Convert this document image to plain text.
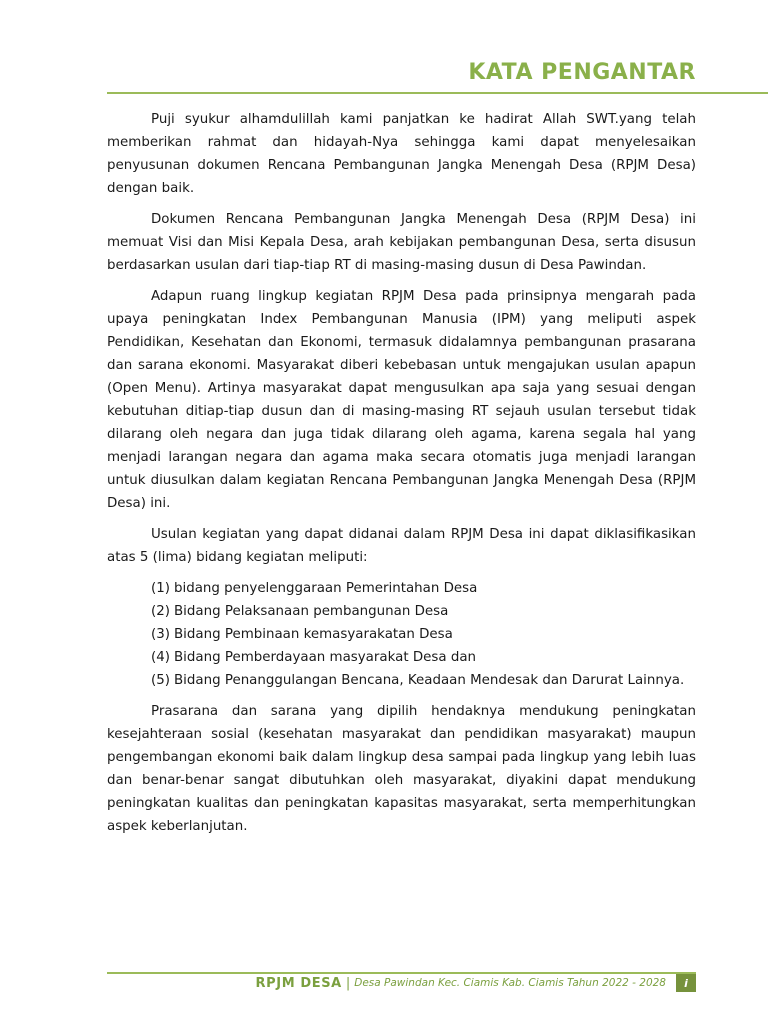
KATA PENGANTAR

Puji syukur alhamdulillah kami panjatkan ke hadirat Allah SWT.yang telah memberikan rahmat dan hidayah-Nya sehingga kami dapat menyelesaikan penyusunan dokumen Rencana Pembangunan Jangka Menengah Desa (RPJM Desa) dengan baik.

Dokumen Rencana Pembangunan Jangka Menengah Desa (RPJM Desa) ini memuat Visi dan Misi Kepala Desa, arah kebijakan pembangunan Desa, serta disusun berdasarkan usulan dari tiap-tiap RT di masing-masing dusun di Desa Pawindan.

Adapun ruang lingkup kegiatan RPJM Desa pada prinsipnya mengarah pada upaya peningkatan Index Pembangunan Manusia (IPM) yang meliputi aspek Pendidikan, Kesehatan dan Ekonomi, termasuk didalamnya pembangunan prasarana dan sarana ekonomi. Masyarakat diberi kebebasan untuk mengajukan usulan apapun (Open Menu). Artinya masyarakat dapat mengusulkan apa saja yang sesuai dengan kebutuhan ditiap-tiap dusun dan di masing-masing RT sejauh usulan tersebut tidak dilarang oleh negara dan juga tidak dilarang oleh agama, karena segala hal yang menjadi larangan negara dan agama maka secara otomatis juga menjadi larangan untuk diusulkan dalam kegiatan Rencana Pembangunan Jangka Menengah Desa (RPJM Desa) ini.

Usulan kegiatan yang dapat didanai dalam RPJM Desa ini dapat diklasifikasikan atas 5 (lima) bidang kegiatan meliputi:

(1) bidang penyelenggaraan Pemerintahan Desa
(2) Bidang Pelaksanaan pembangunan Desa
(3) Bidang Pembinaan kemasyarakatan Desa
(4) Bidang Pemberdayaan masyarakat Desa dan
(5) Bidang Penanggulangan Bencana, Keadaan Mendesak dan Darurat Lainnya.

Prasarana dan sarana yang dipilih hendaknya mendukung peningkatan kesejahteraan sosial (kesehatan masyarakat dan pendidikan masyarakat) maupun pengembangan ekonomi baik dalam lingkup desa sampai pada lingkup yang lebih luas dan benar-benar sangat dibutuhkan oleh masyarakat, diyakini dapat mendukung peningkatan kualitas dan peningkatan kapasitas masyarakat, serta memperhitungkan aspek keberlanjutan.

RPJM DESA | Desa Pawindan Kec. Ciamis Kab. Ciamis Tahun 2022 - 2028	i
